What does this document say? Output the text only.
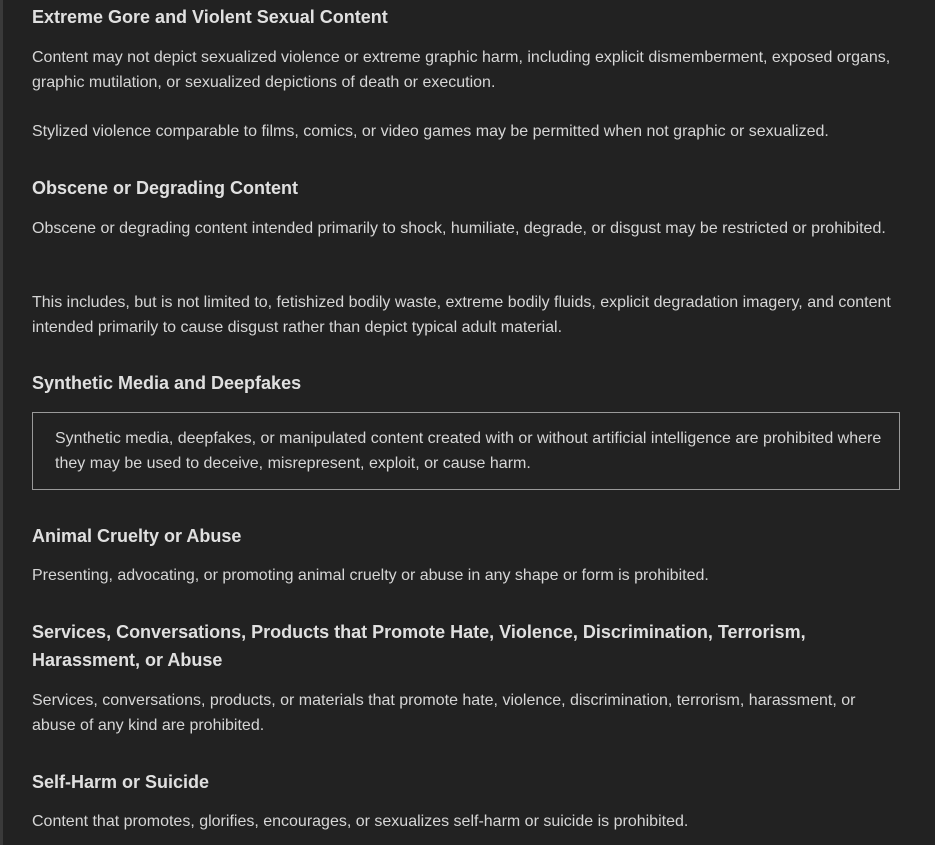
Extreme Gore and Violent Sexual Content

Content may not depict sexualized violence or extreme graphic harm, including explicit dismemberment, exposed organs, graphic mutilation, or sexualized depictions of death or execution.

Stylized violence comparable to films, comics, or video games may be permitted when not graphic or sexualized.

Obscene or Degrading Content

Obscene or degrading content intended primarily to shock, humiliate, degrade, or disgust may be restricted or prohibited.

This includes, but is not limited to, fetishized bodily waste, extreme bodily fluids, explicit degradation imagery, and content intended primarily to cause disgust rather than depict typical adult material.

Synthetic Media and Deepfakes

Synthetic media, deepfakes, or manipulated content created with or without artificial intelligence are prohibited where they may be used to deceive, misrepresent, exploit, or cause harm.

Animal Cruelty or Abuse

Presenting, advocating, or promoting animal cruelty or abuse in any shape or form is prohibited.

Services, Conversations, Products that Promote Hate, Violence, Discrimination, Terrorism, Harassment, or Abuse

Services, conversations, products, or materials that promote hate, violence, discrimination, terrorism, harassment, or abuse of any kind are prohibited.

Self-Harm or Suicide

Content that promotes, glorifies, encourages, or sexualizes self-harm or suicide is prohibited.
